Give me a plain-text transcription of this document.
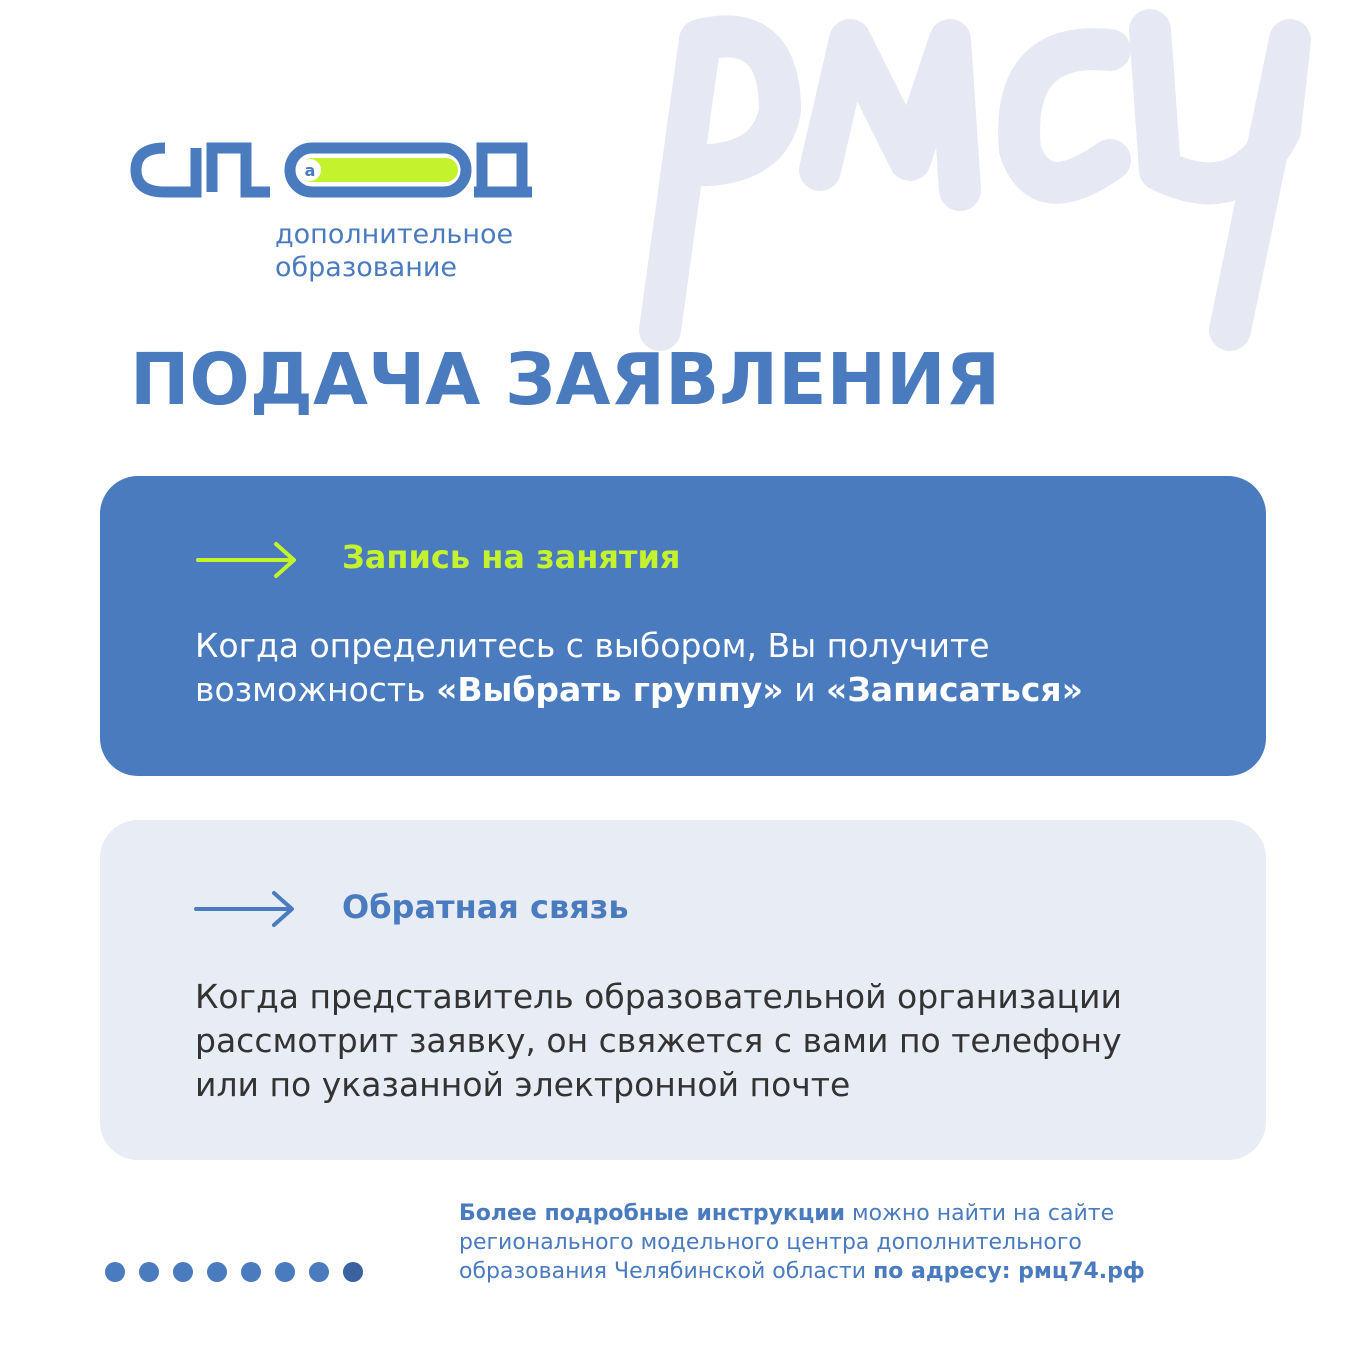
а
дополнительное
образование
ПОДАЧА ЗАЯВЛЕНИЯ
Запись на занятия
Когда определитесь с выбором, Вы получите
возможность «Выбрать группу» и «Записаться»
Обратная связь
Когда представитель образовательной организации
рассмотрит заявку, он свяжется с вами по телефону
или по указанной электронной почте
Более подробные инструкции можно найти на сайте
регионального модельного центра дополнительного
образования Челябинской области по адресу: рмц74.рф
